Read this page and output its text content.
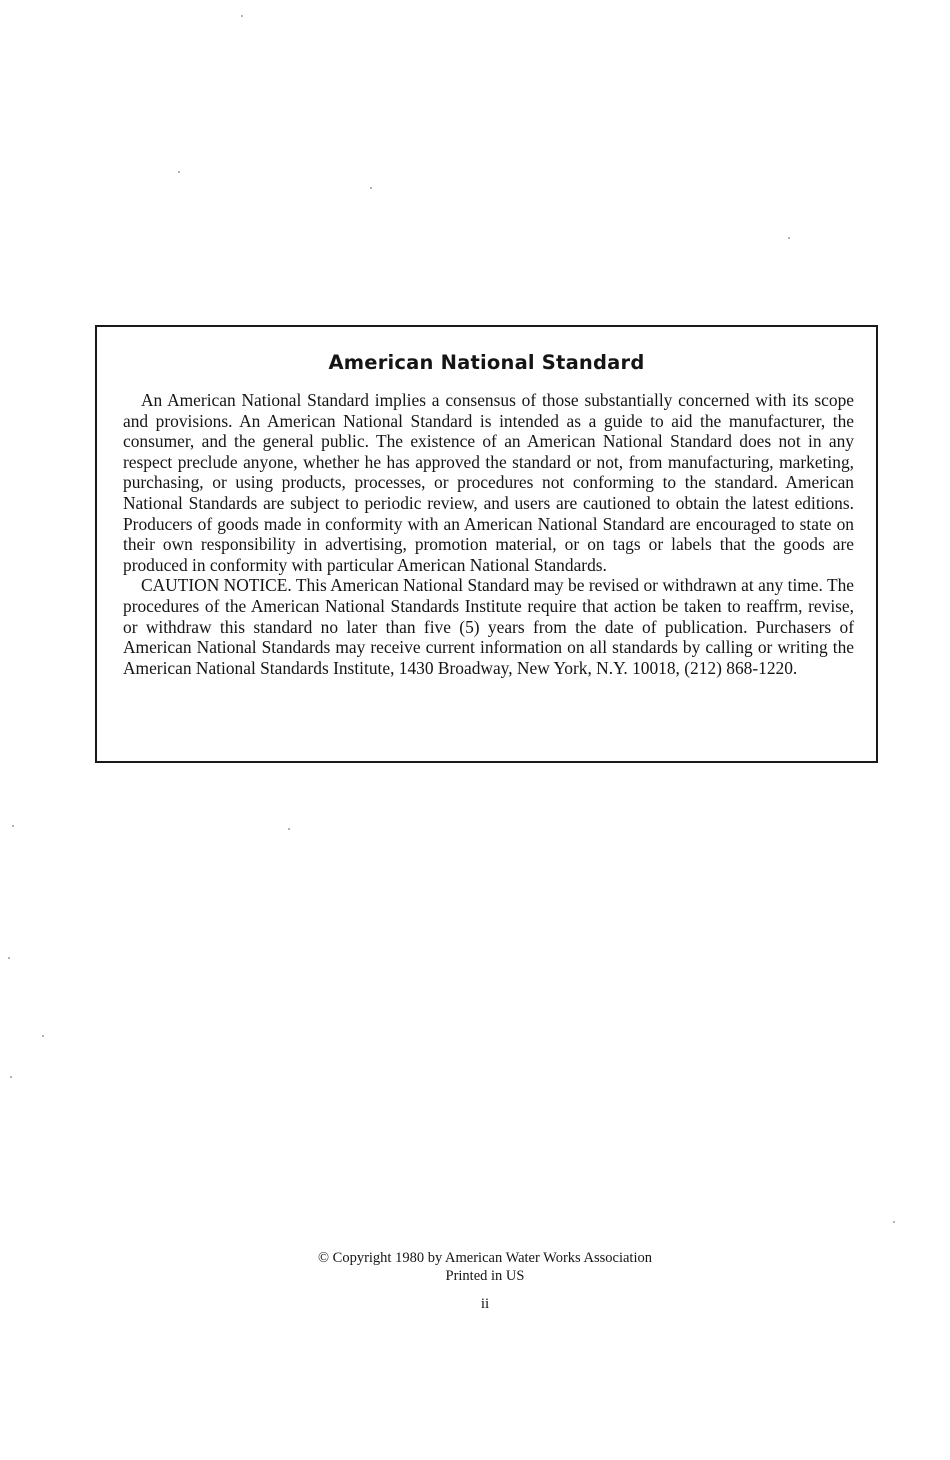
American National Standard

An American National Standard implies a consensus of those substantially concerned with its scope and provisions. An American National Standard is intended as a guide to aid the manufacturer, the consumer, and the general public. The existence of an American National Standard does not in any respect preclude anyone, whether he has approved the standard or not, from manufacturing, marketing, purchasing, or using products, processes, or procedures not conforming to the standard. American National Standards are subject to periodic review, and users are cautioned to obtain the latest editions. Producers of goods made in conformity with an American National Standard are encouraged to state on their own responsibility in advertising, promotion material, or on tags or labels that the goods are produced in conformity with particular American National Standards.

CAUTION NOTICE. This American National Standard may be revised or withdrawn at any time. The procedures of the American National Standards Institute require that action be taken to reaffrm, revise, or withdraw this standard no later than five (5) years from the date of publication. Purchasers of American National Standards may receive current information on all standards by calling or writing the American National Standards Institute, 1430 Broadway, New York, N.Y. 10018, (212) 868-1220.

© Copyright 1980 by American Water Works Association
Printed in US
ii
